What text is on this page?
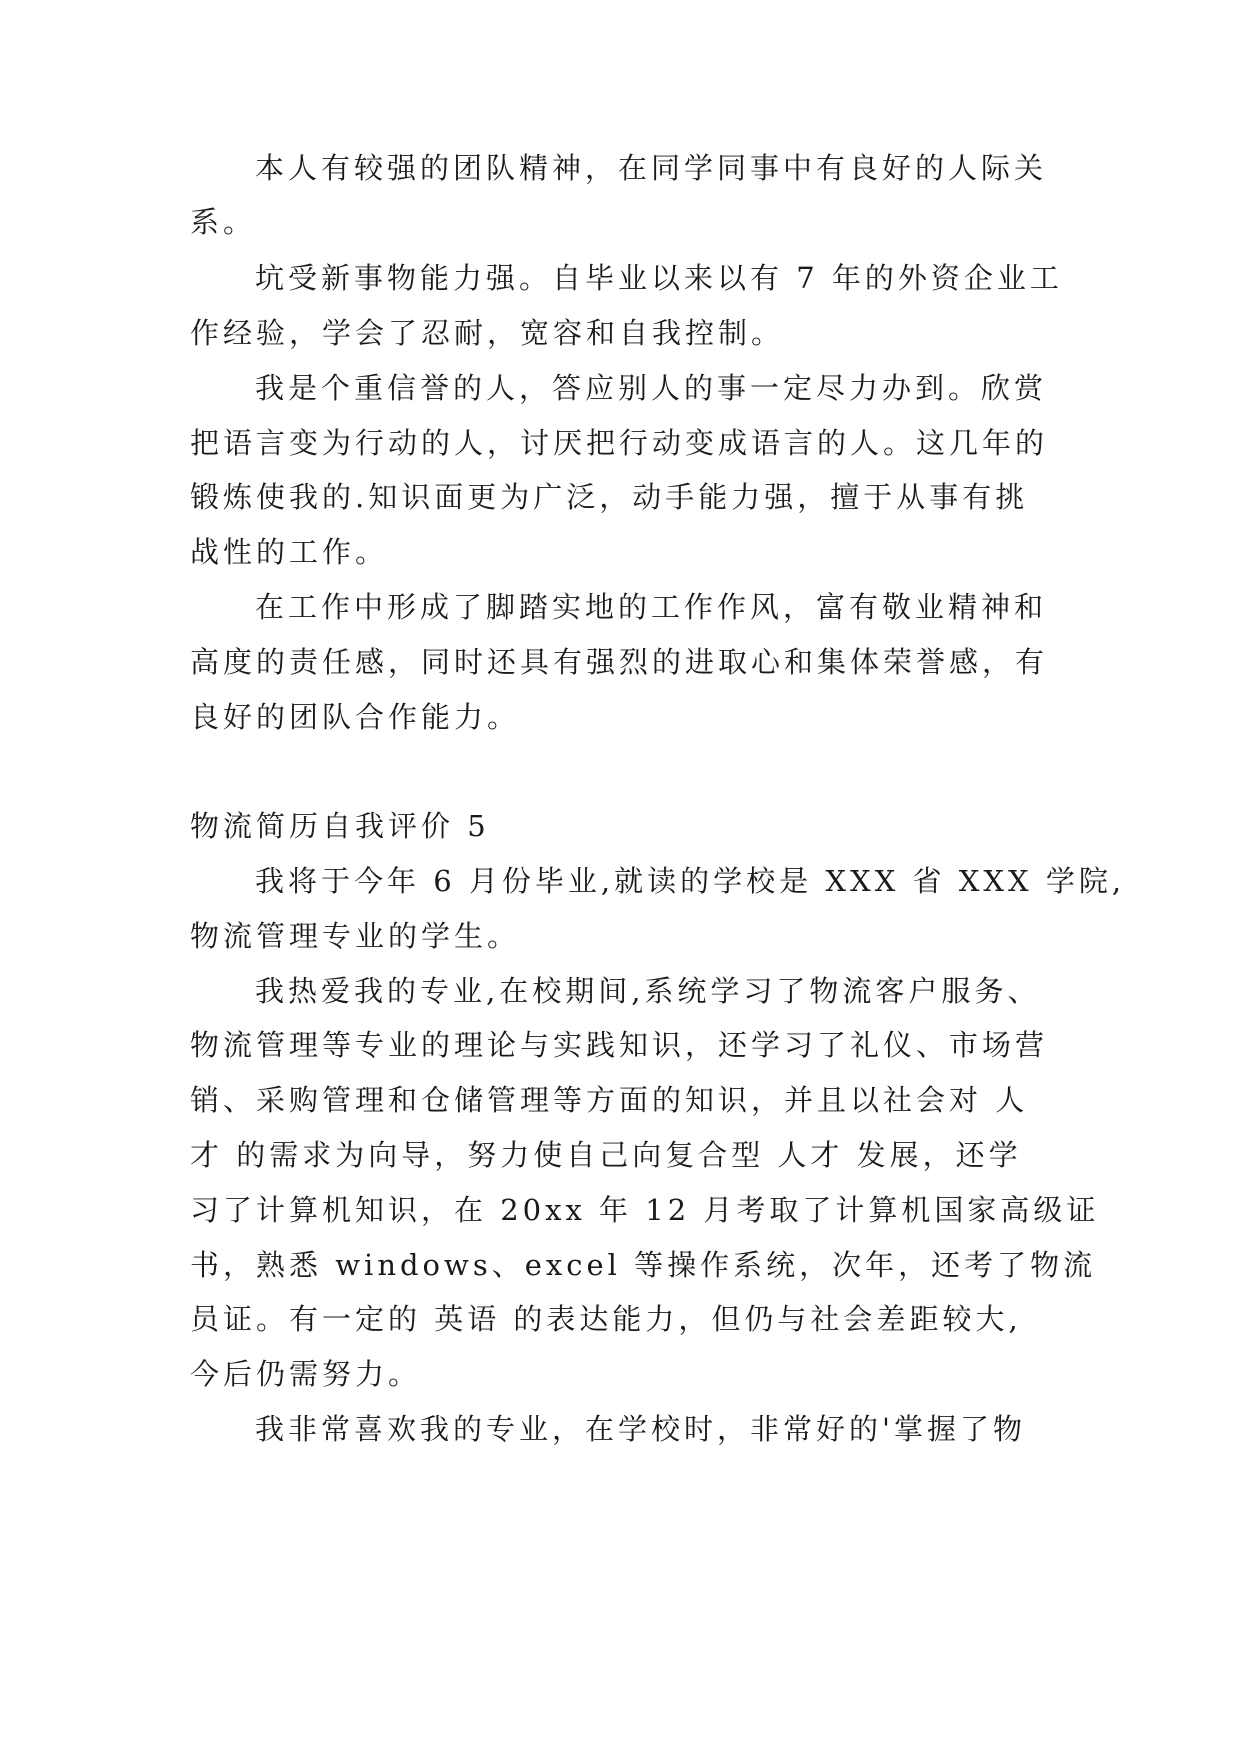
本人有较强的团队精神，在同学同事中有良好的人际关
系。
坑受新事物能力强。自毕业以来以有 7 年的外资企业工
作经验，学会了忍耐，宽容和自我控制。
我是个重信誉的人，答应别人的事一定尽力办到。欣赏
把语言变为行动的人，讨厌把行动变成语言的人。这几年的
锻炼使我的.知识面更为广泛，动手能力强，擅于从事有挑
战性的工作。
在工作中形成了脚踏实地的工作作风，富有敬业精神和
高度的责任感，同时还具有强烈的进取心和集体荣誉感，有
良好的团队合作能力。
物流简历自我评价 5
我将于今年 6 月份毕业,就读的学校是 XXX 省 XXX 学院,
物流管理专业的学生。
我热爱我的专业,在校期间,系统学习了物流客户服务、
物流管理等专业的理论与实践知识，还学习了礼仪、市场营
销、采购管理和仓储管理等方面的知识，并且以社会对 人
才 的需求为向导，努力使自己向复合型 人才 发展，还学
习了计算机知识，在 20xx 年 12 月考取了计算机国家高级证
书，熟悉 windows、excel 等操作系统，次年，还考了物流
员证。有一定的 英语 的表达能力，但仍与社会差距较大,
今后仍需努力。
我非常喜欢我的专业，在学校时，非常好的'掌握了物
